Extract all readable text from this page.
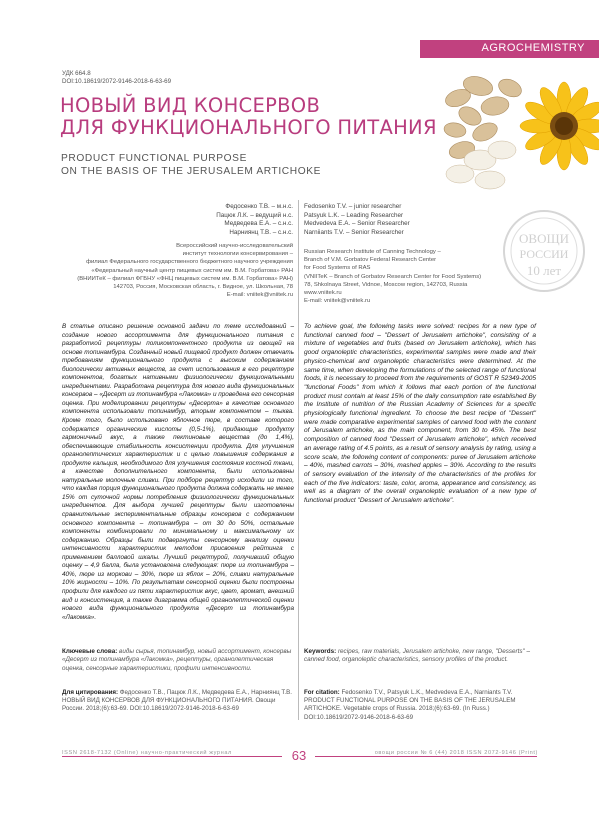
AGROCHEMISTRY
УДК 664.8
DOI:10.18619/2072-9146-2018-6-63-69
НОВЫЙ ВИД КОНСЕРВОВ
ДЛЯ ФУНКЦИОНАЛЬНОГО ПИТАНИЯ
PRODUCT FUNCTIONAL PURPOSE
ON THE BASIS OF THE JERUSALEM ARTICHOKE
ОВОЩИ
РОССИИ
10 лет
Федосенко Т.В. – м.н.с.
Пацюк Л.К. – ведущий н.с.
Медведева Е.А. – с.н.с.
Нарниянц Т.В. – с.н.с.
Fedosenko T.V. – junior researcher
Patsyuk L.K. – Leading Researcher
Medvedeva E.A. – Senior Researcher
Narniiants T.V. – Senior Researcher
Всероссийский научно-исследовательский
институт технологии консервирования –
филиал Федерального государственного бюджетного научного учреждения
«Федеральный научный центр пищевых систем им. В.М. Горбатова» РАН
(ВНИИТеК – филиал ФГБНУ «ФНЦ пищевых систем им. В.М. Горбатова» РАН)
142703, Россия, Московская область, г. Видное, ул. Школьная, 78
E-mail: vniitek@vniitek.ru
Russian Research Institute of Canning Technology –
Branch of V.M. Gorbatov Federal Research Center
for Food Systems of RAS
(VNIITeK – Branch of Gorbatov Research Center for Food Systems)
78, Shkolnaya Street, Vidnoe, Moscow region, 142703, Russia
www.vniitek.ru
E-mail: vniitek@vniitek.ru
В статье описано решение основной задачи по теме исследований – создание нового ассортимента для функционального питания с разработкой рецептуры поликомпонентного продукта из овощей на основе топинамбура. Созданный новый пищевой продукт должен отвечать требованиям функционального продукта с высоким содержанием биологически активных веществ, за счет использования в его рецептуре компонентов, богатых нативными физиологически функциональными ингредиентами. Разработана рецептура для нового вида функциональных консервов – «Десерт из топинамбура «Лакомка» и проведена его сенсорная оценка. При моделировании рецептуры «Десерта» в качестве основного компонента использовали топинамбур, вторым компонентом – тыква. Кроме того, было использовано яблочное пюре, в составе которого содержатся органические кислоты (0,5-1%), придающие продукту гармоничный вкус, а также пектиновые вещества (до 1,4%), обеспечивающие стабильность консистенции продукта. Для улучшения органолептических характеристик и с целью повышения содержания в продукте кальция, необходимого для улучшения состояния костной ткани, в качестве дополнительного компонента, были использованы натуральные молочные сливки. При подборе рецептур исходили из того, что каждая порция функционального продукта должна содержать не менее 15% от суточной нормы потребления физиологически функциональных ингредиентов. Для выбора лучшей рецептуры были изготовлены сравнительные экспериментальные образцы консервов с содержанием основного компонента – топинамбура – от 30 до 50%, остальные компоненты комбинировали по минимальному и максимальному их содержанию. Образцы были подвергнуты сенсорному анализу оценки интенсивности характеристик методом присвоения рейтинга с применением балловой шкалы. Лучший рецептурой, получивший общую оценку – 4,9 балла, была установлена следующая: пюре из топинамбура – 40%, пюре из моркови – 30%, пюре из яблок – 20%, сливки натуральные 10% жирности – 10%. По результатам сенсорной оценки были построены профили для каждого из пяти характеристик вкус, цвет, аромат, внешний вид и консистенция, а также диаграмма общей органолептической оценки нового вида функционального продукта «Десерт из топинамбура «Лакомка».
To achieve goal, the following tasks were solved: recipes for a new type of functional canned food – "Dessert of Jerusalem artichoke", consisting of a mixture of vegetables and fruits (based on Jerusalem artichoke), which has good organoleptic characteristics, experimental samples were made and their physico-chemical and organoleptic characteristics were determined. At the same time, when developing the formulations of the selected range of functional foods, it is necessary to proceed from the requirements of GOST R 52349-2005 "functional Foods" from which it follows that each portion of the functional product must contain at least 15% of the daily consumption rate established By the Institute of nutrition of the Russian Academy of Sciences for a specific physiologically functional ingredient. To choose the best recipe of "Dessert" were made comparative experimental samples of canned food with the content of Jerusalem artichoke, as the main component, from 30 to 45%. The best composition of canned food "Dessert of Jerusalem artichoke", which received an average rating of 4.5 points, as a result of sensory analysis by rating, using a score scale, the following content of components: puree of Jerusalem artichoke – 40%, mashed carrots – 30%, mashed apples – 30%. According to the results of sensory evaluation of the intensity of the characteristics of the profiles for each of the five indicators: taste, color, aroma, appearance and consistency, as well as a diagram of the overall organoleptic evaluation of a new type of functional product "Dessert of Jerusalem artichoke".
Ключевые слова: виды сырья, топинамбур, новый ассортимент, консервы «Десерт из топинамбура «Лакомка», рецептуры, органолептическая оценка, сенсорные характеристики, профили интенсивности.
Keywords: recipes, raw materials, Jerusalem artichoke, new range, "Desserts" – canned food, organoleptic characteristics, sensory profiles of the product.
Для цитирования: Федосенко Т.В., Пацюк Л.К., Медведева Е.А., Нарниянц Т.В. НОВЫЙ ВИД КОНСЕРВОВ ДЛЯ ФУНКЦИОНАЛЬНОГО ПИТАНИЯ. Овощи России. 2018;(6):63-69. DOI:10.18619/2072-9146-2018-6-63-69
For citation: Fedosenko T.V., Patsyuk L.K., Medvedeva E.A., Narniants T.V. PRODUCT FUNCTIONAL PURPOSE ON THE BASIS OF THE JERUSALEM ARTICHOKE. Vegetable crops of Russia. 2018;(6):63-69. (In Russ.) DOI:10.18619/2072-9146-2018-6-63-69
ISSN 2618-7132 (Online) научно-практический журнал	63	овощи россии № 6 (44) 2018 ISSN 2072-9146 (Print)
